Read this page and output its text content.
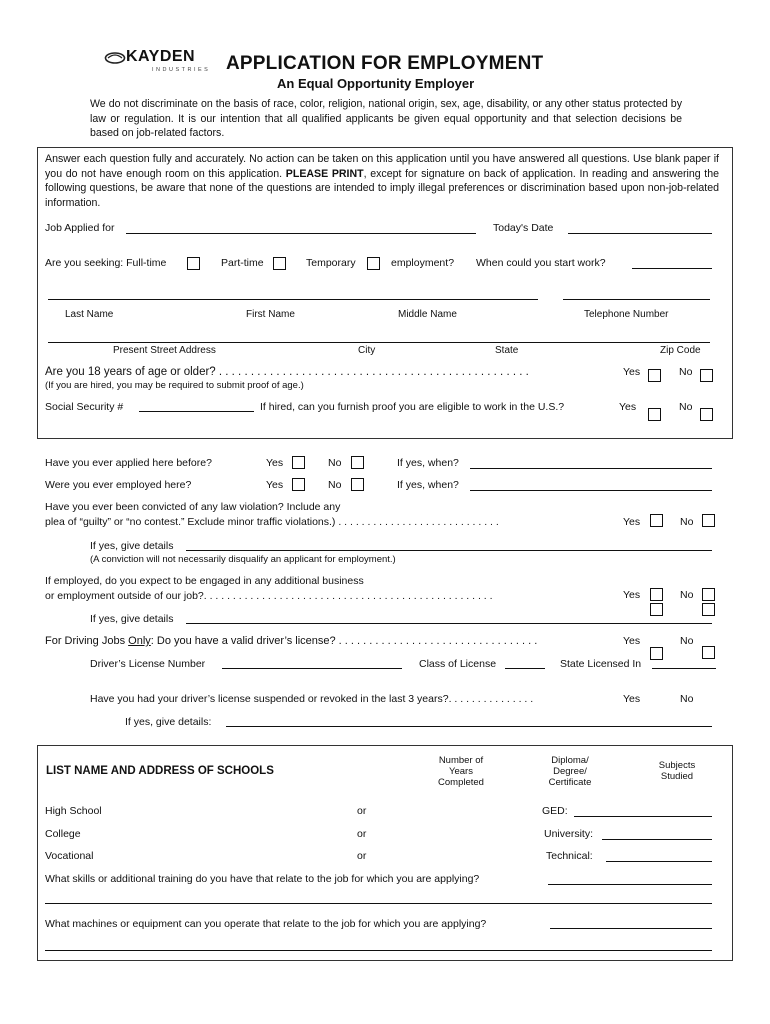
KAYDEN
INDUSTRIES APPLICATION FOR EMPLOYMENT
An Equal Opportunity Employer
We do not discriminate on the basis of race, color, religion, national origin, sex, age, disability, or any other status protected by law or regulation. It is our intention that all qualified applicants be given equal opportunity and that selection decisions be based on job-related factors.
Answer each question fully and accurately. No action can be taken on this application until you have answered all questions. Use blank paper if you do not have enough room on this application. PLEASE PRINT, except for signature on back of application. In reading and answering the following questions, be aware that none of the questions are intended to imply illegal preferences or discrimination based upon non-job-related information.
Job Applied for	Today's Date
Are you seeking: Full-time	Part-time	Temporary	employment? When could you start work?
Last Name	First Name	Middle Name	Telephone Number
Present Street Address	City	State	Zip Code
Are you 18 years of age or older? . . . . . . . . . . . . . . . . . . . . . . . . . . . . . . . . . . . . . . . . . . . . . . . . .	Yes	No
(If you are hired, you may be required to submit proof of age.)
Social Security #	If hired, can you furnish proof you are eligible to work in the U.S.?	Yes	No
Have you ever applied here before?	Yes	No	If yes, when?
Were you ever employed here?	Yes	No	If yes, when?
Have you ever been convicted of any law violation? Include any
plea of “guilty” or “no contest.” Exclude minor traffic violations.) . . . . . . . . . . . . . . . . . . . . . . . . . . . .	Yes	No
If yes, give details
(A conviction will not necessarily disqualify an applicant for employment.)
If employed, do you expect to be engaged in any additional business
or employment outside of our job?. . . . . . . . . . . . . . . . . . . . . . . . . . . . . . . . . . . . . . . . . . . . . . . . . .	Yes	No
If yes, give details
For Driving Jobs Only: Do you have a valid driver’s license? . . . . . . . . . . . . . . . . . . . . . . . . . . . . . . . . .	Yes	No
Driver’s License Number	Class of License	State Licensed In
Have you had your driver’s license suspended or revoked in the last 3 years?. . . . . . . . . . . . . . .	Yes	No
If yes, give details:
LIST NAME AND ADDRESS OF SCHOOLS
Number of Years Completed
Diploma/ Degree/ Certificate
Subjects Studied
High School	or	GED:
College	or	University:
Vocational	or	Technical:
What skills or additional training do you have that relate to the job for which you are applying?
What machines or equipment can you operate that relate to the job for which you are applying?
